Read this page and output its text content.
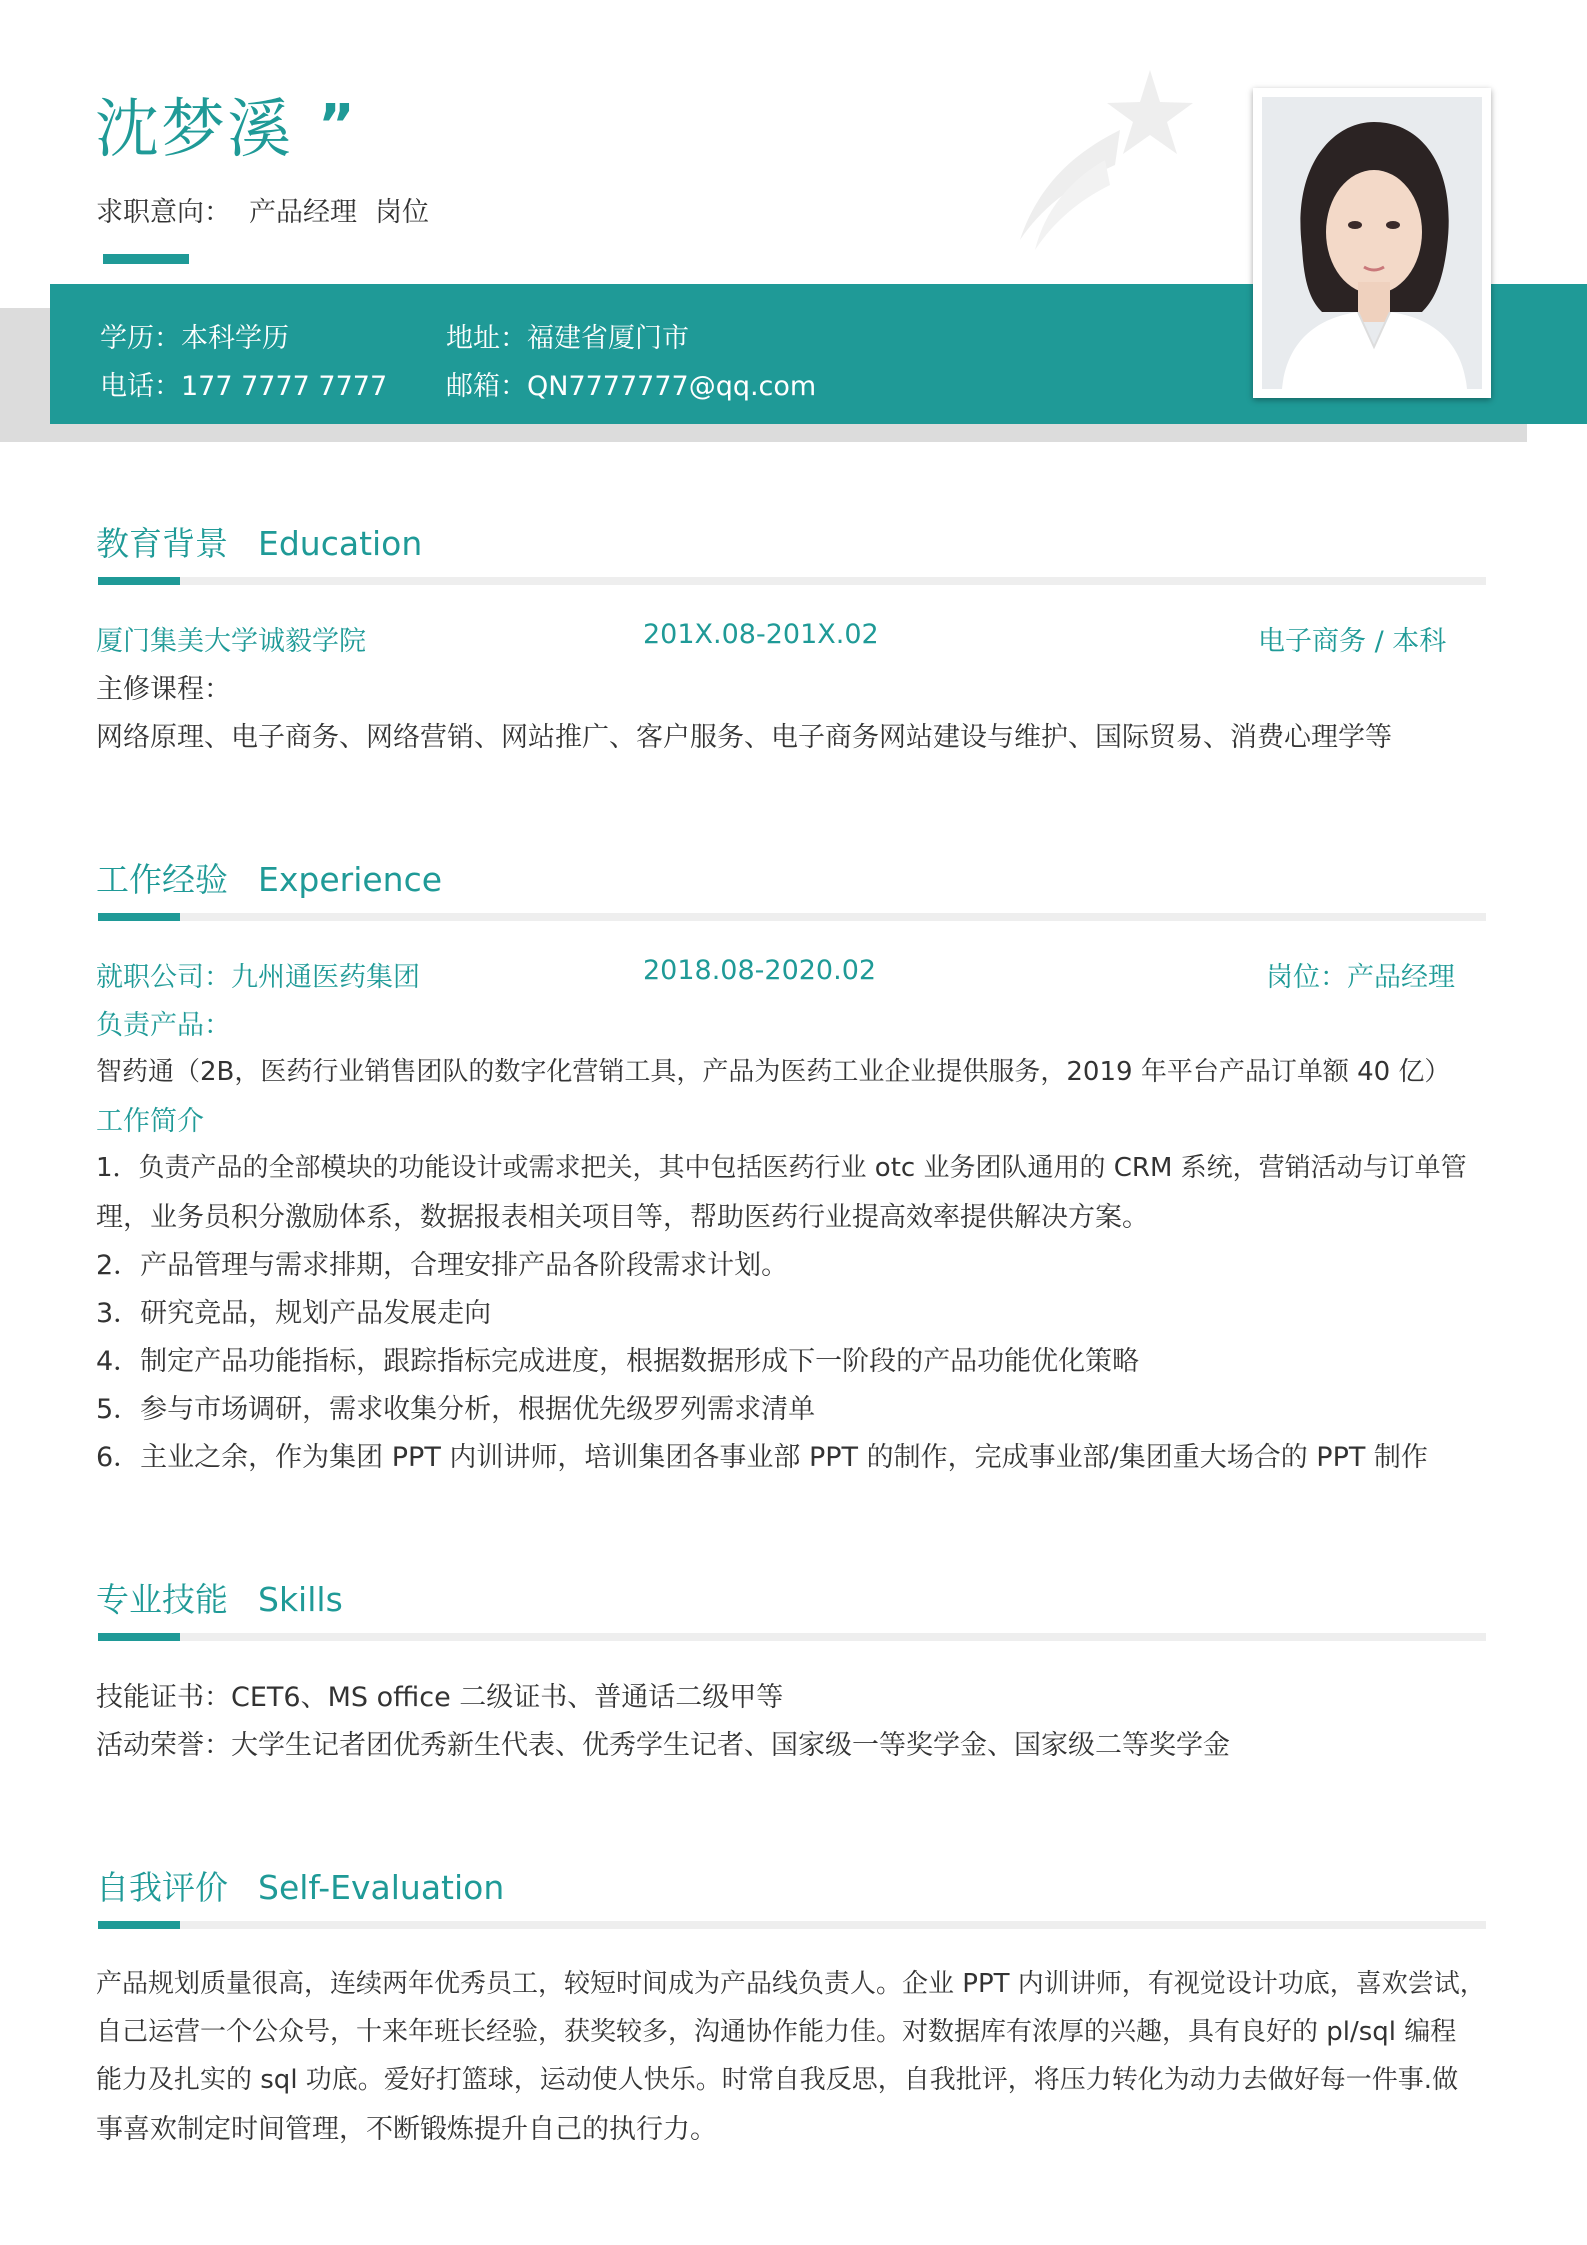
沈梦溪 ”
求职意向： 产品经理 岗位
学历：本科学历	地址：福建省厦门市
电话：177 7777 7777 邮箱：QN7777777@qq.com
教育背景 Education
厦门集美大学诚毅学院	201X.08-201X.02	电子商务 / 本科
主修课程：
网络原理、电子商务、网络营销、网站推广、客户服务、电子商务网站建设与维护、国际贸易、消费心理学等
工作经验 Experience
就职公司：九州通医药集团	2018.08-2020.02	岗位：产品经理
负责产品：
智药通（2B，医药行业销售团队的数字化营销工具，产品为医药工业企业提供服务，2019 年平台产品订单额 40 亿）
工作简介
1．负责产品的全部模块的功能设计或需求把关，其中包括医药行业 otc 业务团队通用的 CRM 系统，营销活动与订单管
理，业务员积分激励体系，数据报表相关项目等，帮助医药行业提高效率提供解决方案。
2．产品管理与需求排期，合理安排产品各阶段需求计划。
3．研究竞品，规划产品发展走向
4．制定产品功能指标，跟踪指标完成进度，根据数据形成下一阶段的产品功能优化策略
5．参与市场调研，需求收集分析，根据优先级罗列需求清单
6．主业之余，作为集团 PPT 内训讲师，培训集团各事业部 PPT 的制作，完成事业部/集团重大场合的 PPT 制作
专业技能 Skills
技能证书：CET6、MS office 二级证书、普通话二级甲等
活动荣誉：大学生记者团优秀新生代表、优秀学生记者、国家级一等奖学金、国家级二等奖学金
自我评价 Self-Evaluation
产品规划质量很高，连续两年优秀员工，较短时间成为产品线负责人。企业 PPT 内训讲师，有视觉设计功底，喜欢尝试，
自己运营一个公众号，十来年班长经验，获奖较多，沟通协作能力佳。对数据库有浓厚的兴趣，具有良好的 pl/sql 编程
能力及扎实的 sql 功底。爱好打篮球，运动使人快乐。时常自我反思，自我批评，将压力转化为动力去做好每一件事.做
事喜欢制定时间管理，不断锻炼提升自己的执行力。
